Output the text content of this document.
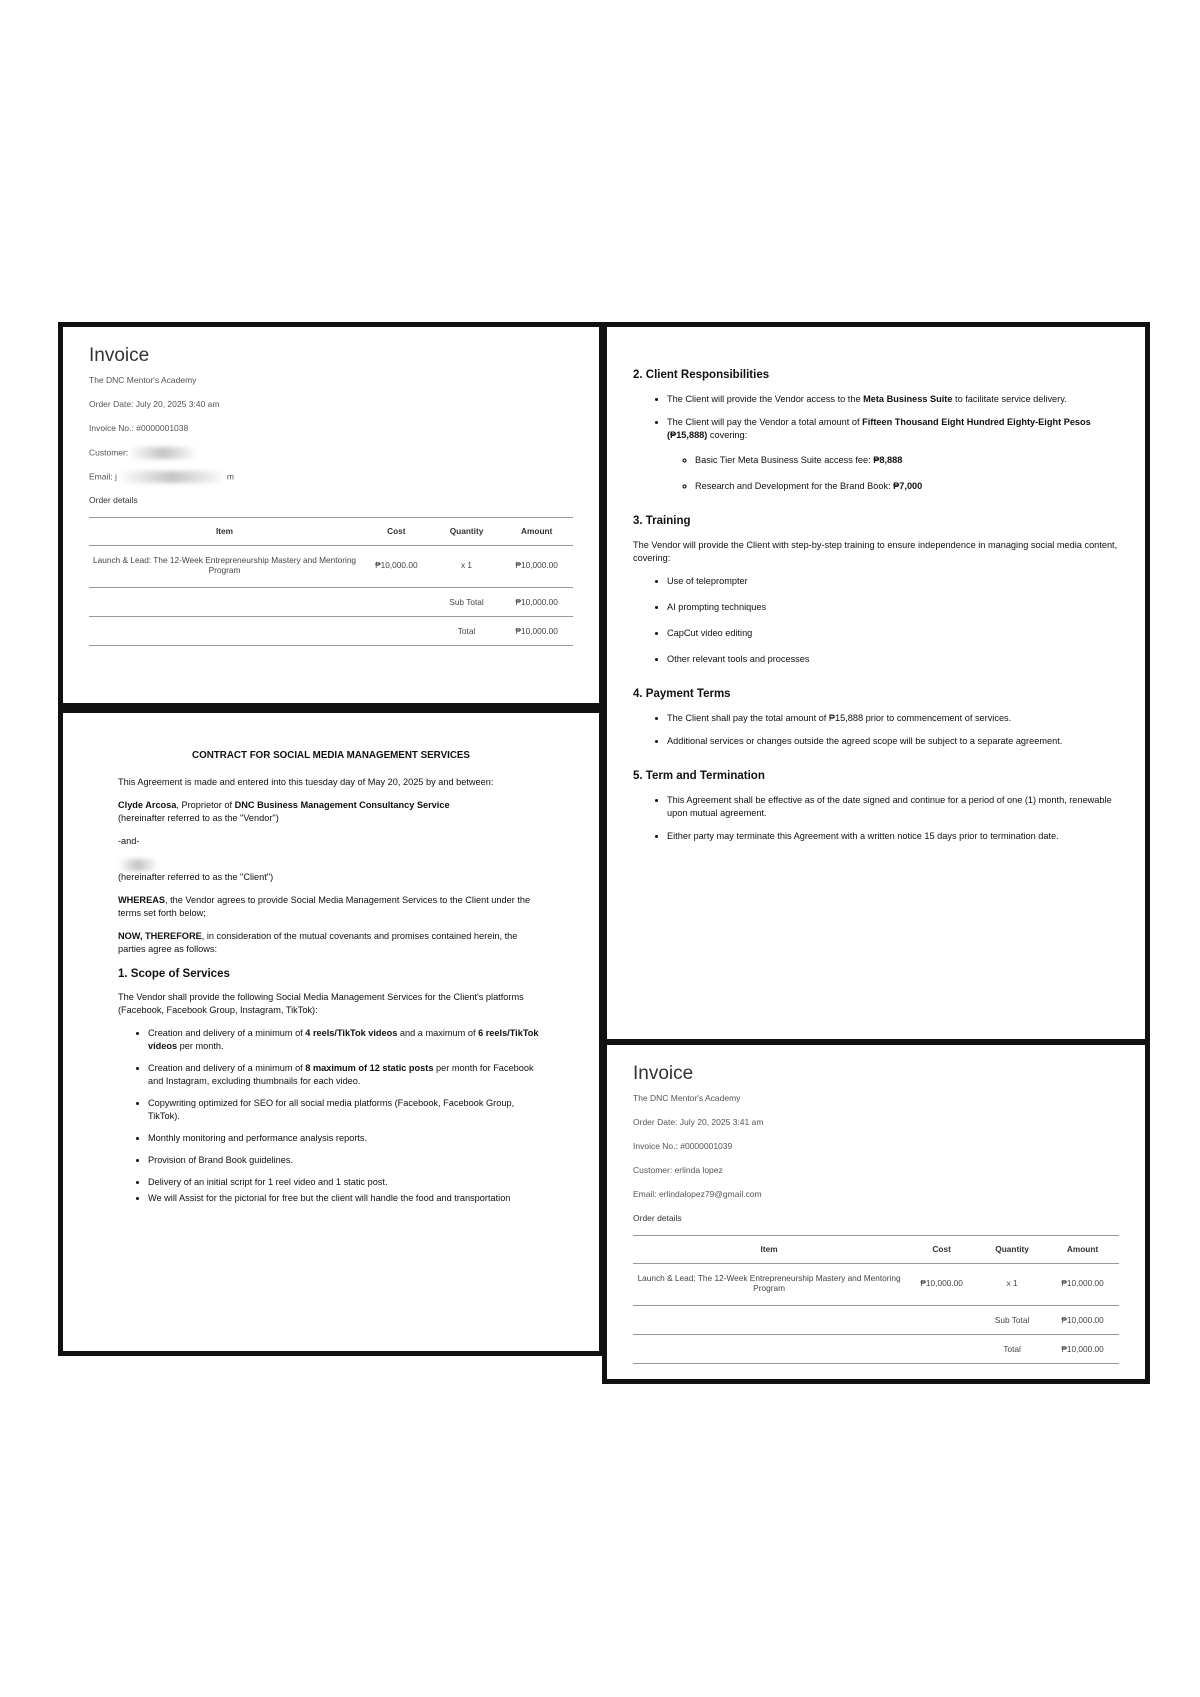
Invoice
The DNC Mentor's Academy
Order Date: July 20, 2025 3:40 am
Invoice No.: #0000001038
Customer:
Email: j	m
Order details
Item	Cost	Quantity	Amount
Launch & Lead: The 12-Week Entrepreneurship Mastery and Mentoring Program	₱10,000.00	x 1	₱10,000.00
		Sub Total	₱10,000.00
		Total	₱10,000.00

CONTRACT FOR SOCIAL MEDIA MANAGEMENT SERVICES

This Agreement is made and entered into this tuesday day of May 20, 2025 by and between:

Clyde Arcosa, Proprietor of DNC Business Management Consultancy Service
(hereinafter referred to as the "Vendor")

-and-

(hereinafter referred to as the "Client")

WHEREAS, the Vendor agrees to provide Social Media Management Services to the Client under the terms set forth below;

NOW, THEREFORE, in consideration of the mutual covenants and promises contained herein, the parties agree as follows:

1. Scope of Services

The Vendor shall provide the following Social Media Management Services for the Client's platforms (Facebook, Facebook Group, Instagram, TikTok):

• Creation and delivery of a minimum of 4 reels/TikTok videos and a maximum of 6 reels/TikTok videos per month.
• Creation and delivery of a minimum of 8 maximum of 12 static posts per month for Facebook and Instagram, excluding thumbnails for each video.
• Copywriting optimized for SEO for all social media platforms (Facebook, Facebook Group, TikTok).
• Monthly monitoring and performance analysis reports.
• Provision of Brand Book guidelines.
• Delivery of an initial script for 1 reel video and 1 static post.
• We will Assist for the pictorial for free but the client will handle the food and transportation
2. Client Responsibilities
• The Client will provide the Vendor access to the Meta Business Suite to facilitate service delivery.
• The Client will pay the Vendor a total amount of Fifteen Thousand Eight Hundred Eighty-Eight Pesos (₱15,888) covering:
◦ Basic Tier Meta Business Suite access fee: ₱8,888
◦ Research and Development for the Brand Book: ₱7,000
3. Training

The Vendor will provide the Client with step-by-step training to ensure independence in managing social media content, covering:

• Use of teleprompter
• AI prompting techniques
• CapCut video editing
• Other relevant tools and processes
4. Payment Terms
• The Client shall pay the total amount of ₱15,888 prior to commencement of services.
• Additional services or changes outside the agreed scope will be subject to a separate agreement.
5. Term and Termination
• This Agreement shall be effective as of the date signed and continue for a period of one (1) month, renewable upon mutual agreement.
• Either party may terminate this Agreement with a written notice 15 days prior to termination date.
Invoice
The DNC Mentor's Academy
Order Date: July 20, 2025 3:41 am
Invoice No.: #0000001039
Customer: erlinda lopez
Email: erlindalopez79@gmail.com
Order details
Item	Cost	Quantity	Amount
Launch & Lead: The 12-Week Entrepreneurship Mastery and Mentoring Program	₱10,000.00	x 1	₱10,000.00
		Sub Total	₱10,000.00
		Total	₱10,000.00
